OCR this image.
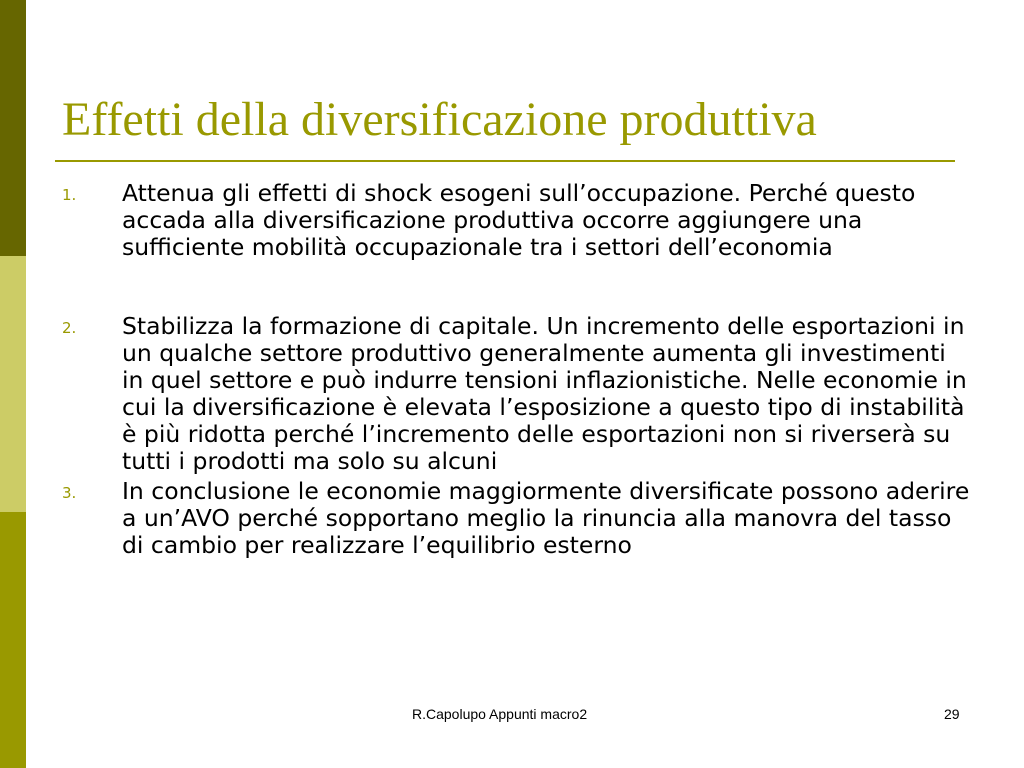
Effetti della diversificazione produttiva
1. Attenua gli effetti di shock esogeni sull’occupazione. Perché questo accada alla diversificazione produttiva occorre aggiungere una sufficiente mobilità occupazionale tra i settori dell’economia
2. Stabilizza la formazione di capitale. Un incremento delle esportazioni in un qualche settore produttivo generalmente aumenta gli investimenti in quel settore e può indurre tensioni inflazionistiche. Nelle economie in cui la diversificazione è elevata l’esposizione a questo tipo di instabilità è più ridotta perché l’incremento delle esportazioni non si riverserà su tutti i prodotti ma solo su alcuni
3. In conclusione le economie maggiormente diversificate possono aderire a un’AVO perché sopportano meglio la rinuncia alla manovra del tasso di cambio per realizzare l’equilibrio esterno
R.Capolupo Appunti macro2	29
